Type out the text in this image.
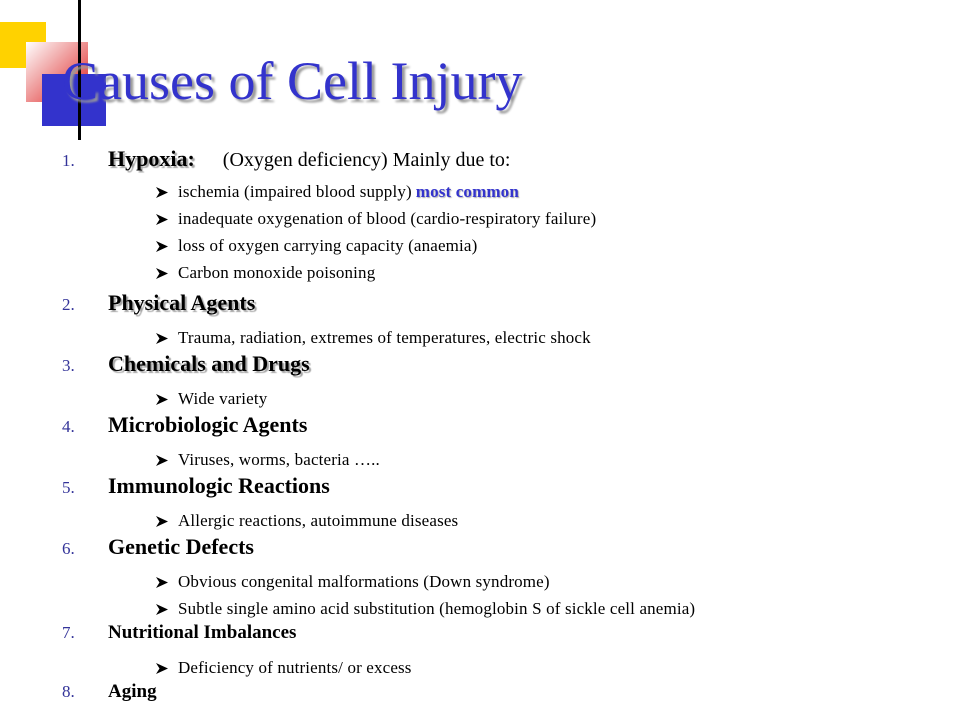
Causes of Cell Injury
1.	Hypoxia: (Oxygen deficiency) Mainly due to:
ischemia (impaired blood supply) most common
inadequate oxygenation of blood (cardio-respiratory failure)
loss of oxygen carrying capacity (anaemia)
Carbon monoxide poisoning
2.	Physical Agents
Trauma, radiation, extremes of temperatures, electric shock
3.	Chemicals and Drugs
Wide variety
4.	Microbiologic Agents
Viruses, worms, bacteria …..
5.	Immunologic Reactions
Allergic reactions, autoimmune diseases
6.	Genetic Defects
Obvious congenital malformations (Down syndrome)
Subtle single amino acid substitution (hemoglobin S of sickle cell anemia)
7.	Nutritional Imbalances
Deficiency of nutrients/ or excess
8.	Aging
